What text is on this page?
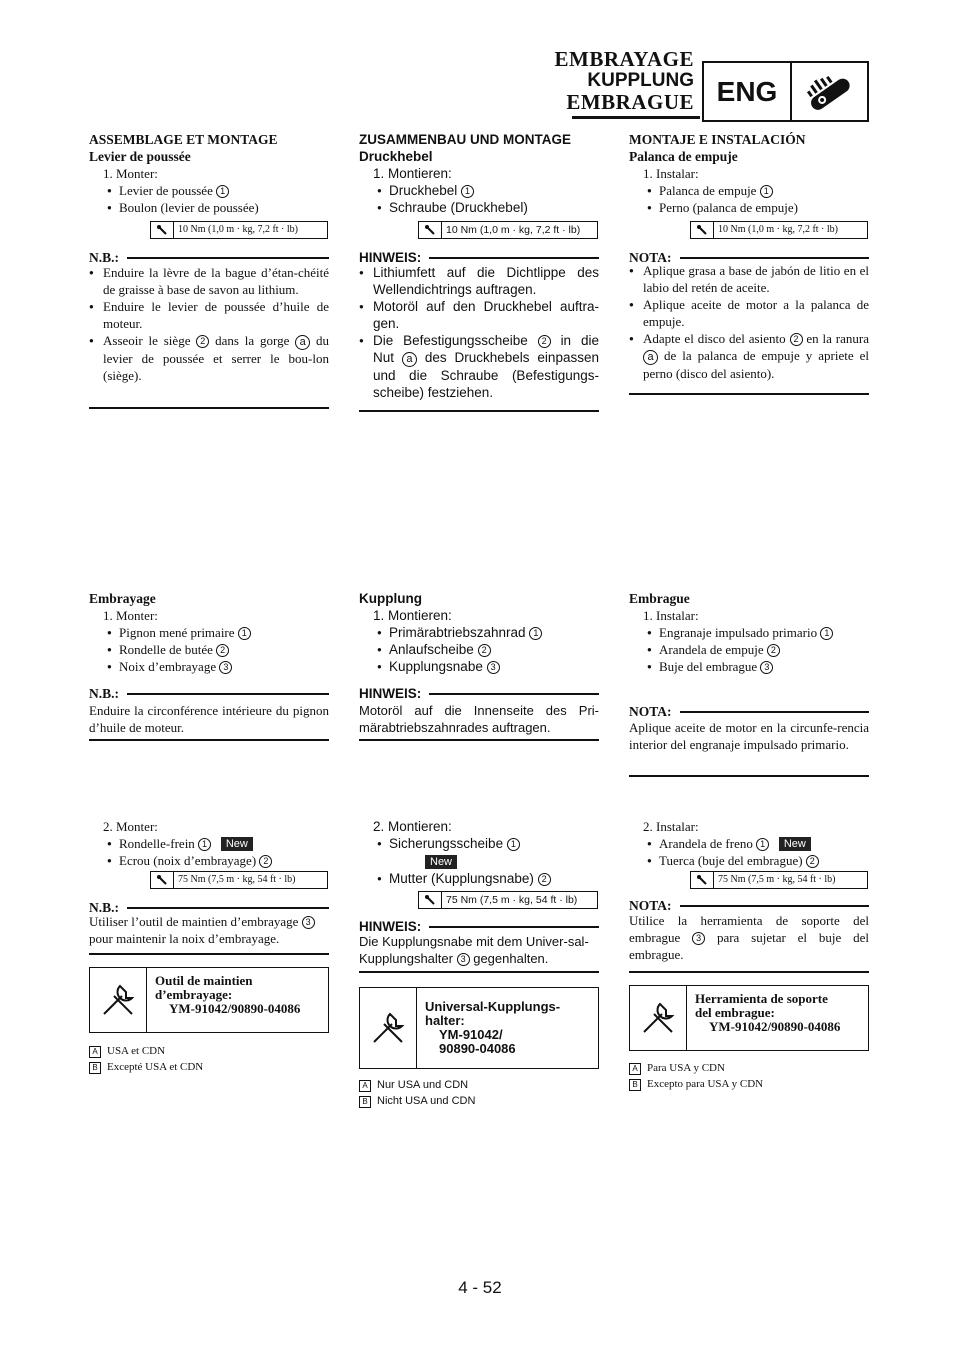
EMBRAYAGE
KUPPLUNG
EMBRAGUE ENG
ASSEMBLAGE ET MONTAGE
Levier de poussée
1. Monter:
● Levier de poussée 1
● Boulon (levier de poussée)
10 Nm (1,0 m · kg, 7,2 ft · lb)
N.B.:
● Enduire la lèvre de la bague d’étan-chéité de graisse à base de savon au lithium.
● Enduire le levier de poussée d’huile de moteur.
● Asseoir le siège 2 dans la gorge a du levier de poussée et serrer le bou-lon (siège).
Embrayage
1. Monter:
● Pignon mené primaire 1
● Rondelle de butée 2
● Noix d’embrayage 3
N.B.:
Enduire la circonférence intérieure du pignon d’huile de moteur.
2. Monter:
● Rondelle-frein 1 New
● Ecrou (noix d’embrayage) 2
75 Nm (7,5 m · kg, 54 ft · lb)
N.B.:
Utiliser l’outil de maintien d’embrayage 3 pour maintenir la noix d’embrayage.
Outil de maintien
d’embrayage:
YM-91042/90890-04086
A USA et CDN
B Excepté USA et CDN
ZUSAMMENBAU UND MONTAGE
Druckhebel
1. Montieren:
● Druckhebel 1
● Schraube (Druckhebel)
10 Nm (1,0 m · kg, 7,2 ft · lb)
HINWEIS:
● Lithiumfett auf die Dichtlippe des Wellendichtrings auftragen.
● Motoröl auf den Druckhebel auftra-gen.
● Die Befestigungsscheibe 2 in die Nut a des Druckhebels einpassen und die Schraube (Befestigungs-scheibe) festziehen.
Kupplung
1. Montieren:
● Primärabtriebszahnrad 1
● Anlaufscheibe 2
● Kupplungsnabe 3
HINWEIS:
Motoröl auf die Innenseite des Pri-märabtriebszahnrades auftragen.
2. Montieren:
● Sicherungsscheibe 1
New
● Mutter (Kupplungsnabe) 2
75 Nm (7,5 m · kg, 54 ft · lb)
HINWEIS:
Die Kupplungsnabe mit dem Univer-sal-Kupplungshalter 3 gegenhalten.
Universal-Kupplungs-
halter:
YM-91042/
90890-04086
A Nur USA und CDN
B Nicht USA und CDN
MONTAJE E INSTALACIÓN
Palanca de empuje
1. Instalar:
● Palanca de empuje 1
● Perno (palanca de empuje)
10 Nm (1,0 m · kg, 7,2 ft · lb)
NOTA:
● Aplique grasa a base de jabón de litio en el labio del retén de aceite.
● Aplique aceite de motor a la palanca de empuje.
● Adapte el disco del asiento 2 en la ranura a de la palanca de empuje y apriete el perno (disco del asiento).
Embrague
1. Instalar:
● Engranaje impulsado primario 1
● Arandela de empuje 2
● Buje del embrague 3
NOTA:
Aplique aceite de motor en la circunfe-rencia interior del engranaje impulsado primario.
2. Instalar:
● Arandela de freno 1 New
● Tuerca (buje del embrague) 2
75 Nm (7,5 m · kg, 54 ft · lb)
NOTA:
Utilice la herramienta de soporte del embrague 3 para sujetar el buje del embrague.
Herramienta de soporte
del embrague:
YM-91042/90890-04086
A Para USA y CDN
B Excepto para USA y CDN
4 - 52
